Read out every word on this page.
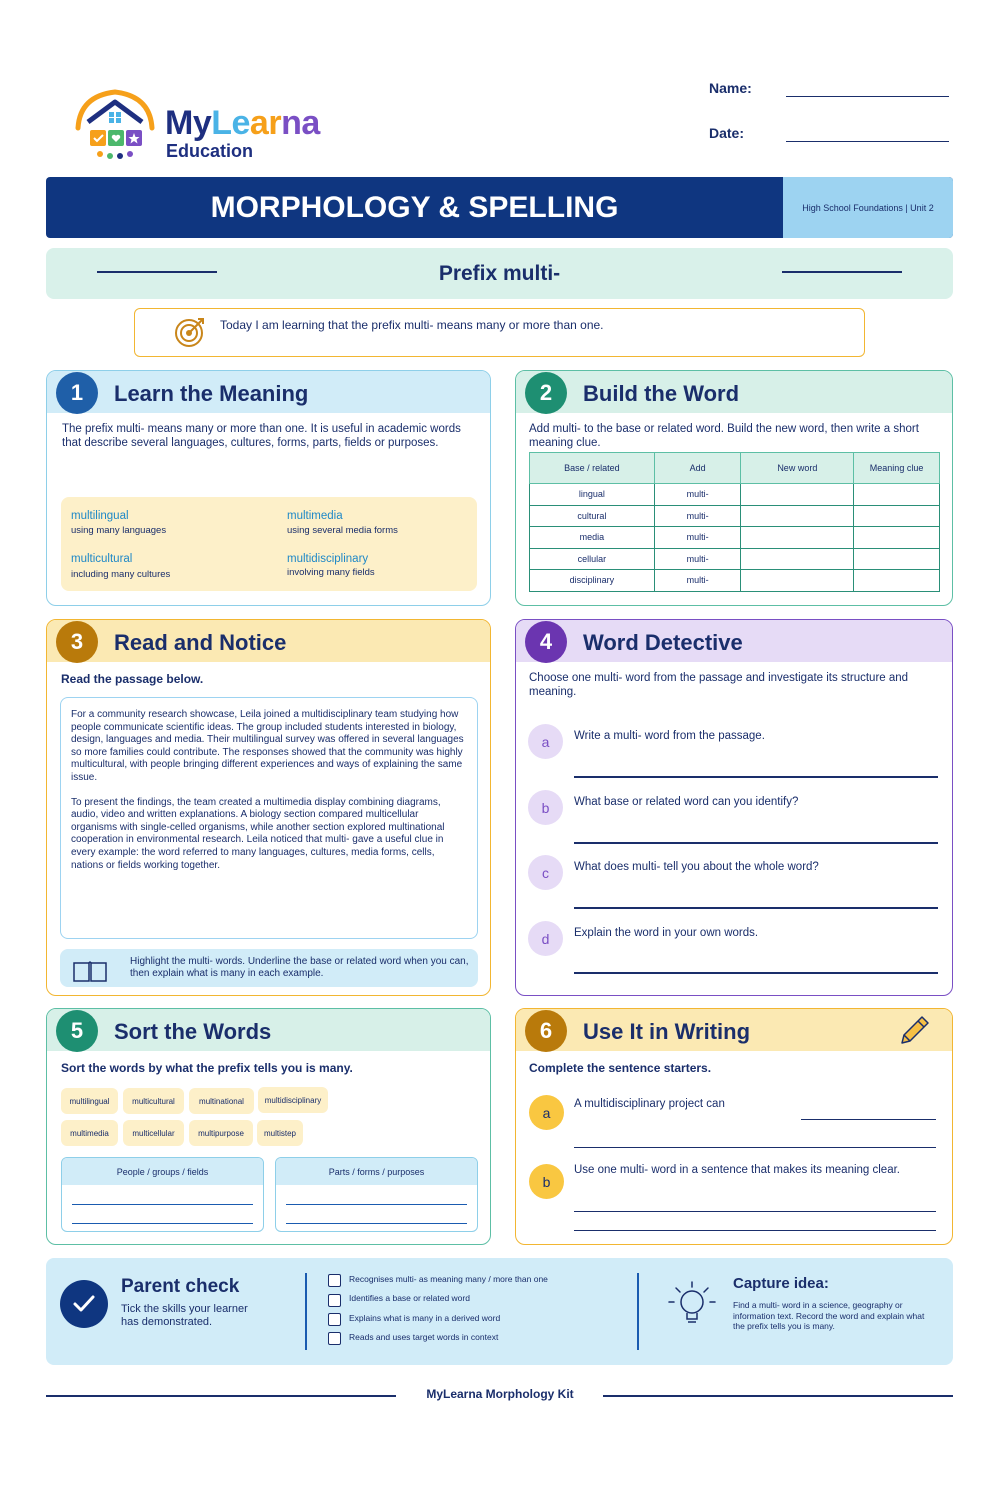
MyLearna
Education
Name:
Date:
MORPHOLOGY & SPELLING	High School Foundations | Unit 2
Prefix multi-
Today I am learning that the prefix multi- means many or more than one.
1	Learn the Meaning
The prefix multi- means many or more than one. It is useful in academic words that describe several languages, cultures, forms, parts, fields or purposes.
multilingual
using many languages
multimedia
using several media forms
multicultural
including many cultures
multidisciplinary
involving many fields
2	Build the Word
Add multi- to the base or related word. Build the new word, then write a short meaning clue.
Base / related	Add	New word	Meaning clue
lingual	multi-		
cultural	multi-		
media	multi-		
cellular	multi-		
disciplinary	multi-		
3	Read and Notice
Read the passage below.

For a community research showcase, Leila joined a multidisciplinary team studying how people communicate scientific ideas. The group included students interested in biology, design, languages and media. Their multilingual survey was offered in several languages so more families could contribute. The responses showed that the community was highly multicultural, with people bringing different experiences and ways of explaining the same issue.

To present the findings, the team created a multimedia display combining diagrams, audio, video and written explanations. A biology section compared multicellular organisms with single-celled organisms, while another section explored multinational cooperation in environmental research. Leila noticed that multi- gave a useful clue in every example: the word referred to many languages, cultures, media forms, cells, nations or fields working together.

Highlight the multi- words. Underline the base or related word when you can, then explain what is many in each example.
4	Word Detective
Choose one multi- word from the passage and investigate its structure and meaning.
a	Write a multi- word from the passage.
b	What base or related word can you identify?
c	What does multi- tell you about the whole word?
d	Explain the word in your own words.
5	Sort the Words
Sort the words by what the prefix tells you is many.
multilingual	multicultural	multinational	multidisciplinary
multimedia	multicellular	multipurpose	multistep
People / groups / fields	Parts / forms / purposes
6	Use It in Writing
Complete the sentence starters.
a
A multidisciplinary project can
b
Use one multi- word in a sentence that makes its meaning clear.
Parent check
Tick the skills your learner has demonstrated.
Recognises multi- as meaning many / more than one
Identifies a base or related word
Explains what is many in a derived word
Reads and uses target words in context
Capture idea:
Find a multi- word in a science, geography or information text. Record the word and explain what the prefix tells you is many.
MyLearna Morphology Kit
